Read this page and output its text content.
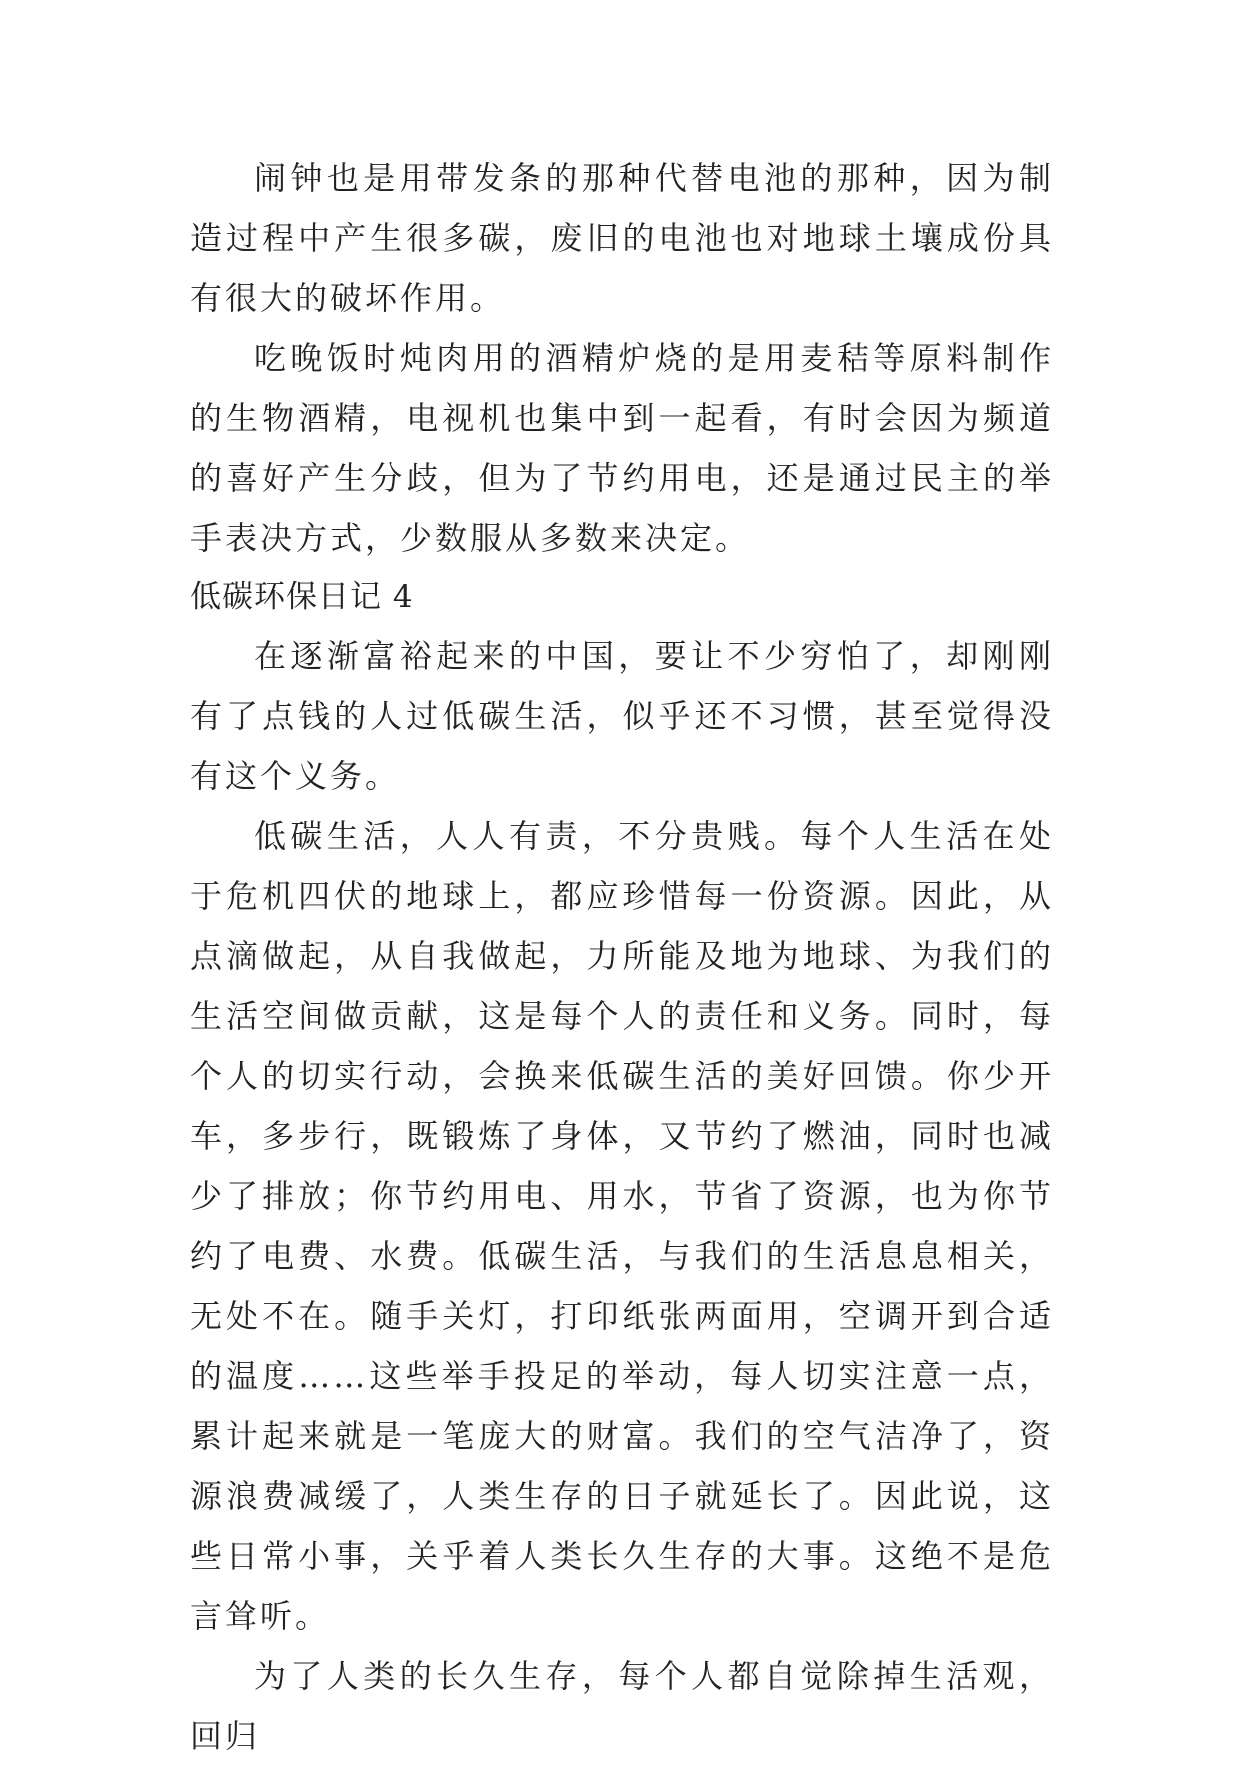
闹钟也是用带发条的那种代替电池的那种，因为制造过程中产生很多碳，废旧的电池也对地球土壤成份具有很大的破坏作用。

吃晚饭时炖肉用的酒精炉烧的是用麦秸等原料制作的生物酒精，电视机也集中到一起看，有时会因为频道的喜好产生分歧，但为了节约用电，还是通过民主的举手表决方式，少数服从多数来决定。

低碳环保日记 4

在逐渐富裕起来的中国，要让不少穷怕了，却刚刚有了点钱的人过低碳生活，似乎还不习惯，甚至觉得没有这个义务。

低碳生活，人人有责，不分贵贱。每个人生活在处于危机四伏的地球上，都应珍惜每一份资源。因此，从点滴做起，从自我做起，力所能及地为地球、为我们的生活空间做贡献，这是每个人的责任和义务。同时，每个人的切实行动，会换来低碳生活的美好回馈。你少开车，多步行，既锻炼了身体，又节约了燃油，同时也减少了排放；你节约用电、用水，节省了资源，也为你节约了电费、水费。低碳生活，与我们的生活息息相关，无处不在。随手关灯，打印纸张两面用，空调开到合适的温度……这些举手投足的举动，每人切实注意一点，累计起来就是一笔庞大的财富。我们的空气洁净了，资源浪费减缓了，人类生存的日子就延长了。因此说，这些日常小事，关乎着人类长久生存的大事。这绝不是危言耸听。

为了人类的长久生存，每个人都自觉除掉生活观，回归
